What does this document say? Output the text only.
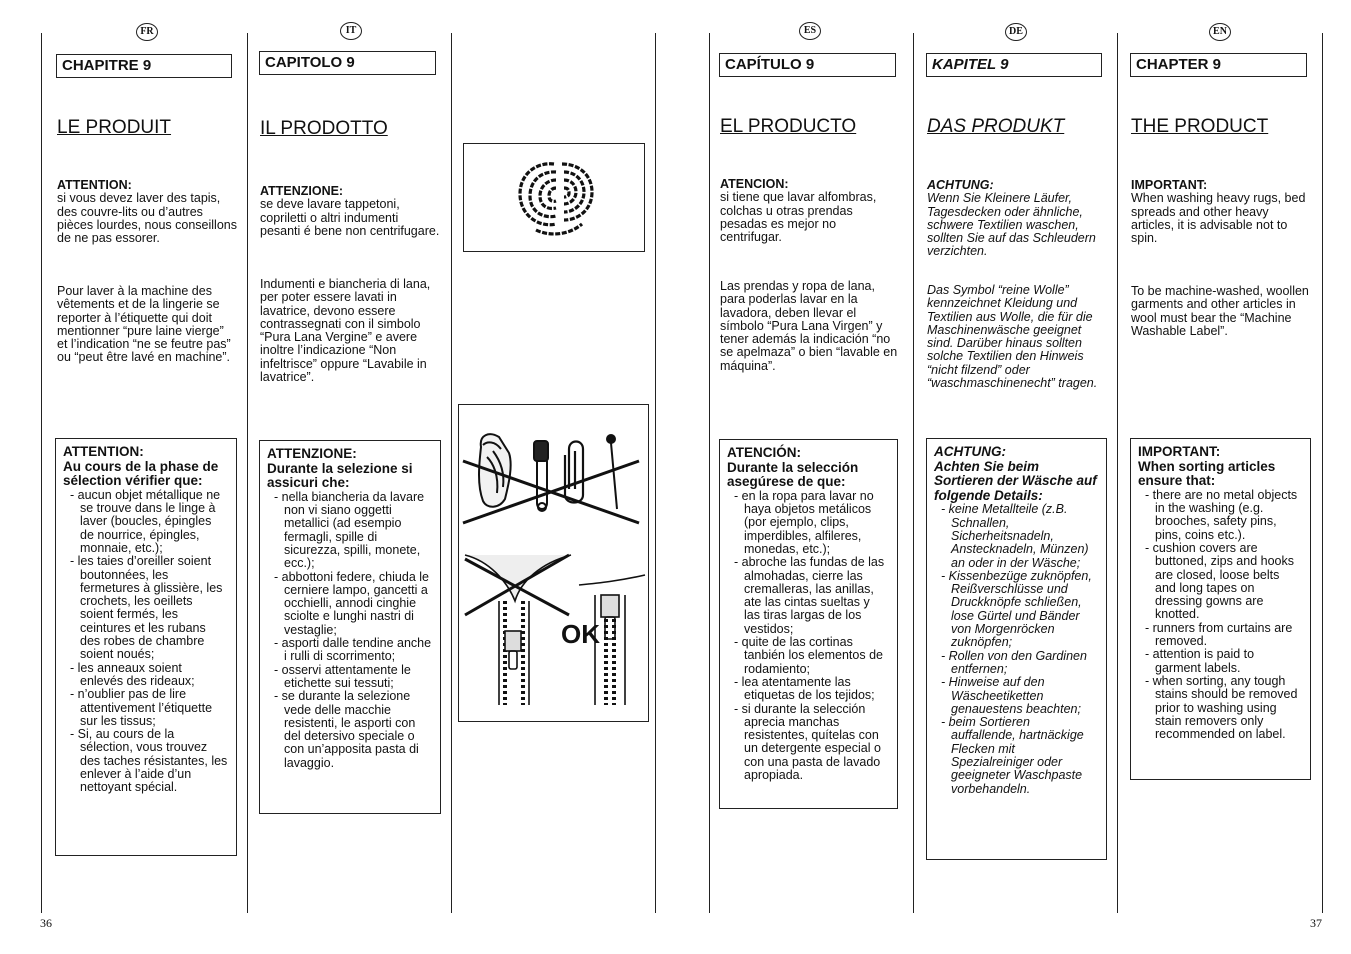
FR
CHAPITRE 9
LE PRODUIT
ATTENTION:
si vous devez laver des tapis, des couvre-lits ou d’autres pièces lourdes, nous conseillons de ne pas essorer.
Pour laver à la machine des vêtements et de la lingerie se reporter à l’étiquette qui doit mentionner “pure laine vierge” et l’indication “ne se feutre pas” ou “peut être lavé en machine”.
ATTENTION:
Au cours de la phase de sélection vérifier que:
- aucun objet métallique ne se trouve dans le linge à laver (boucles, épingles de nourrice, épingles, monnaie, etc.);
- les taies d’oreiller soient boutonnées, les fermetures à glissière, les crochets, les oeillets soient fermés, les ceintures et les rubans des robes de chambre soient noués;
- les anneaux soient enlevés des rideaux;
- n’oublier pas de lire attentivement l’étiquette sur les tissus;
- Si, au cours de la sélection, vous trouvez des taches résistantes, les enlever à l’aide d’un nettoyant spécial.
IT
CAPITOLO 9
IL PRODOTTO
ATTENZIONE:
se deve lavare tappetoni, copriletti o altri indumenti pesanti é bene non centrifugare.
Indumenti e biancheria di lana, per poter essere lavati in lavatrice, devono essere contrassegnati con il simbolo “Pura Lana Vergine” e avere inoltre l’indicazione “Non infeltrisce” oppure “Lavabile in lavatrice”.
ATTENZIONE:
Durante la selezione si assicuri che:
- nella biancheria da lavare non vi siano oggetti metallici (ad esempio fermagli, spille di sicurezza, spilli, monete, ecc.);
- abbottoni federe, chiuda le cerniere lampo, gancetti a occhielli, annodi cinghie sciolte e lunghi nastri di vestaglie;
- asporti dalle tendine anche i rulli di scorrimento;
- osservi attentamente le etichette sui tessuti;
- se durante la selezione vede delle macchie resistenti, le asporti con del detersivo speciale o con un’apposita pasta di lavaggio.
OK
ES
CAPÍTULO 9
EL PRODUCTO
ATENCION:
si tiene que lavar alfombras, colchas u otras prendas pesadas es mejor no centrifugar.
Las prendas y ropa de lana, para poderlas lavar en la lavadora, deben llevar el símbolo “Pura Lana Virgen” y tener además la indicación “no se apelmaza” o bien “lavable en máquina”.
ATENCIÓN:
Durante la selección asegúrese de que:
- en la ropa para lavar no haya objetos metálicos (por ejemplo, clips, imperdibles, alfileres, monedas, etc.);
- abroche las fundas de las almohadas, cierre las cremalleras, las anillas, ate las cintas sueltas y las tiras largas de los vestidos;
- quite de las cortinas tanbién los elementos de rodamiento;
- lea atentamente las etiquetas de los tejidos;
- si durante la selección aprecia manchas resistentes, quítelas con un detergente especial o con una pasta de lavado apropiada.
DE
KAPITEL 9
DAS PRODUKT
ACHTUNG:
Wenn Sie Kleinere Läufer, Tagesdecken oder ähnliche, schwere Textilien waschen, sollten Sie auf das Schleudern verzichten.
Das Symbol “reine Wolle” kennzeichnet Kleidung und Textilien aus Wolle, die für die Maschinenwäsche geeignet sind. Darüber hinaus sollten solche Textilien den Hinweis “nicht filzend” oder “waschmaschinenecht” tragen.
ACHTUNG:
Achten Sie beim Sortieren der Wäsche auf folgende Details:
- keine Metallteile (z.B. Schnallen, Sicherheitsnadeln, Anstecknadeln, Münzen) an oder in der Wäsche;
- Kissenbezüge zuknöpfen, Reißverschlüsse und Druckknöpfe schließen, lose Gürtel und Bänder von Morgenröcken zuknöpfen;
- Rollen von den Gardinen entfernen;
- Hinweise auf den Wäscheetiketten genauestens beachten;
- beim Sortieren auffallende, hartnäckige Flecken mit Spezialreiniger oder geeigneter Waschpaste vorbehandeln.
EN
CHAPTER 9
THE PRODUCT
IMPORTANT:
When washing heavy rugs, bed spreads and other heavy articles, it is advisable not to spin.
To be machine-washed, woollen garments and other articles in wool must bear the “Machine Washable Label”.
IMPORTANT:
When sorting articles ensure that:
- there are no metal objects in the washing (e.g. brooches, safety pins, pins, coins etc.).
- cushion covers are buttoned, zips and hooks are closed, loose belts and long tapes on dressing gowns are knotted.
- runners from curtains are removed.
- attention is paid to garment labels.
- when sorting, any tough stains should be removed prior to washing using stain removers only recommended on label.
36	37
